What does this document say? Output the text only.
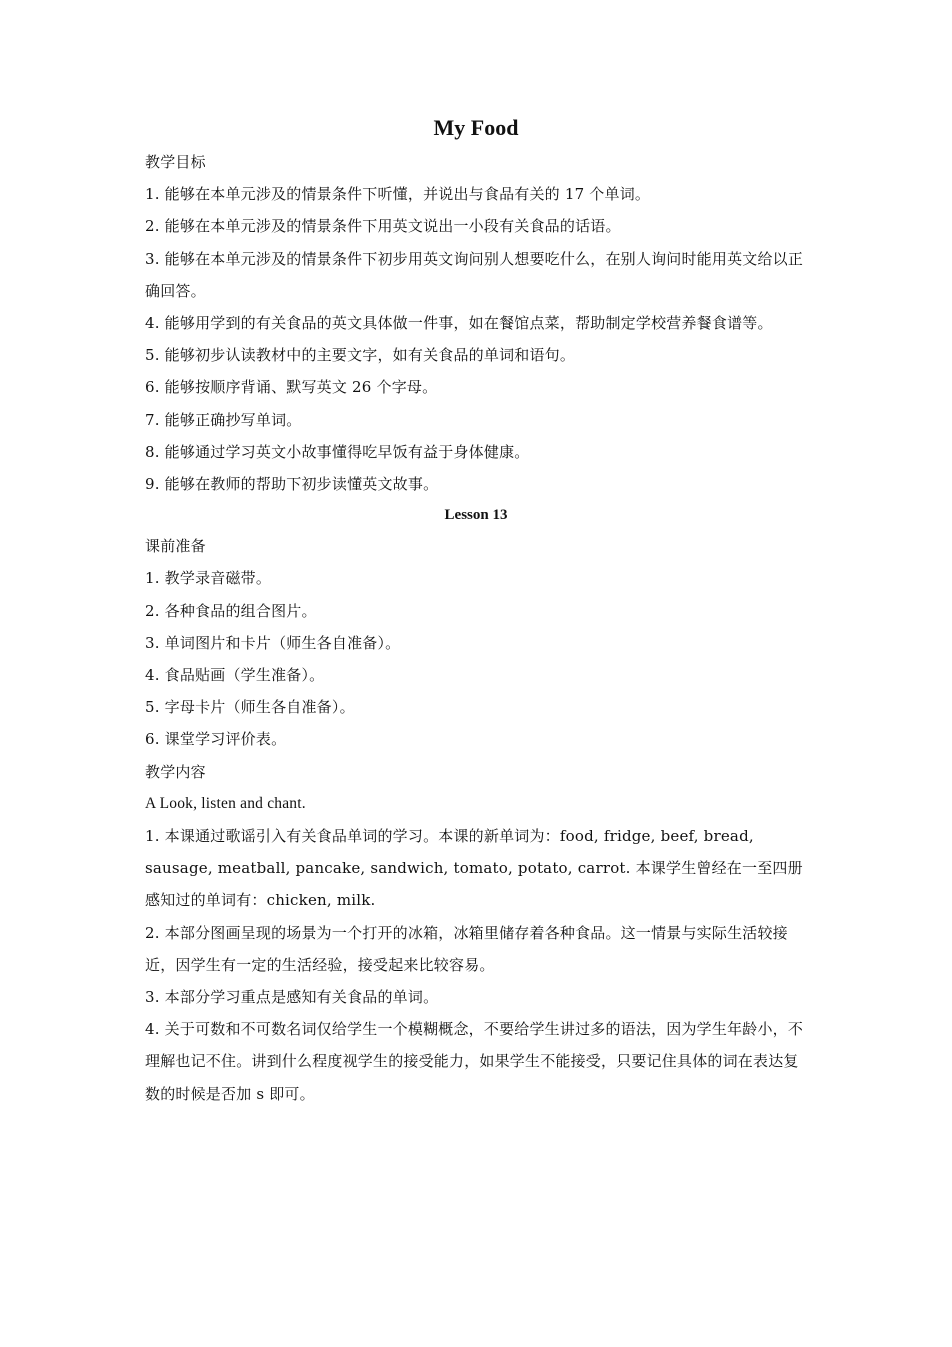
My Food

教学目标

1. 能够在本单元涉及的情景条件下听懂，并说出与食品有关的 17 个单词。

2. 能够在本单元涉及的情景条件下用英文说出一小段有关食品的话语。

3. 能够在本单元涉及的情景条件下初步用英文询问别人想要吃什么，在别人询问时能用英文给以正确回答。

4. 能够用学到的有关食品的英文具体做一件事，如在餐馆点菜，帮助制定学校营养餐食谱等。

5. 能够初步认读教材中的主要文字，如有关食品的单词和语句。

6. 能够按顺序背诵、默写英文 26 个字母。

7. 能够正确抄写单词。

8. 能够通过学习英文小故事懂得吃早饭有益于身体健康。

9. 能够在教师的帮助下初步读懂英文故事。

Lesson 13

课前准备

1. 教学录音磁带。

2. 各种食品的组合图片。

3. 单词图片和卡片（师生各自准备）。

4. 食品贴画（学生准备）。

5. 字母卡片（师生各自准备）。

6. 课堂学习评价表。

教学内容

A Look, listen and chant.

1. 本课通过歌谣引入有关食品单词的学习。本课的新单词为：food, fridge, beef, bread, sausage, meatball, pancake, sandwich, tomato, potato, carrot. 本课学生曾经在一至四册感知过的单词有：chicken, milk.

2. 本部分图画呈现的场景为一个打开的冰箱，冰箱里储存着各种食品。这一情景与实际生活较接近，因学生有一定的生活经验，接受起来比较容易。

3. 本部分学习重点是感知有关食品的单词。

4. 关于可数和不可数名词仅给学生一个模糊概念，不要给学生讲过多的语法，因为学生年龄小，不理解也记不住。讲到什么程度视学生的接受能力，如果学生不能接受，只要记住具体的词在表达复数的时候是否加 s 即可。
